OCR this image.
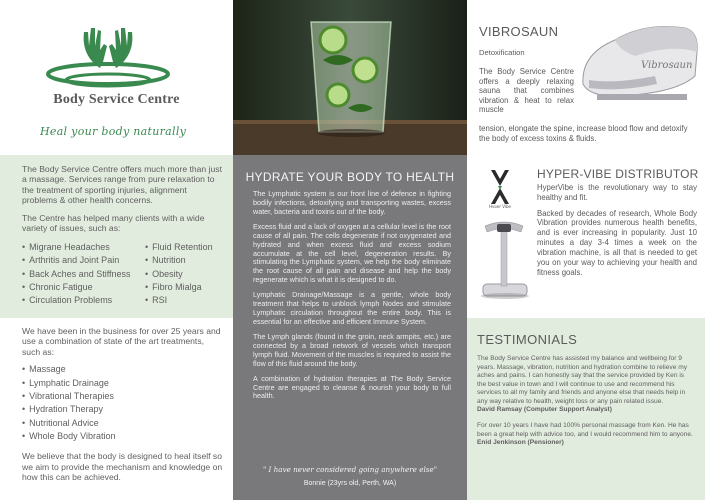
Body Service Centre
Heal your body naturally

The Body Service Centre offers much more than just a massage. Services range from pure relaxation to the treatment of sporting injuries, alignment problems & other health concerns.

The Centre has helped many clients with a wide variety of issues, such as:

• Migrane Headaches
• Arthritis and Joint Pain
• Back Aches and Stiffness
• Chronic Fatigue
• Circulation Problems
• Fluid Retention
• Nutrition
• Obesity
• Fibro Mialga
• RSI

We have been in the business for over 25 years and use a combination of state of the art treatments, such as:

• Massage
• Lymphatic Drainage
• Vibrational Therapies
• Hydration Therapy
• Nutritional Advice
• Whole Body Vibration

We believe that the body is designed to heal itself so we aim to provide the mechanism and knowledge on how this can be achieved.

HYDRATE YOUR BODY TO HEALTH

The Lymphatic system is our front line of defence in fighting bodily infections, detoxifying and transporting wastes, excess water, bacteria and toxins out of the body.

Excess fluid and a lack of oxygen at a cellular level is the root cause of all pain. The cells degenerate if not oxygenated and hydrated and when excess fluid and excess sodium accumulate at the cell level, degeneration results. By stimulating the Lymphatic system, we help the body eliminate the root cause of all pain and disease and help the body regenerate which is what it is designed to do.

Lymphatic Drainage/Massage is a gentle, whole body treatment that helps to unblock lymph Nodes and stimulate Lymphatic circulation throughout the entire body. This is essential for an effective and efficient Immune System.

The Lymph glands (found in the groin, neck armpits, etc.) are connected by a broad network of vessels which transport lymph fluid. Movement of the muscles is required to assist the flow of this fluid around the body.

A combination of hydration therapies at The Body Service Centre are engaged to cleanse & nourish your body to full health.

" I have never considered going anywhere else"
Bonnie (23yrs old, Perth, WA)
Vibrosaun
VIBROSAUN
Detoxification
The Body Service Centre offers a deeply relaxing sauna that combines vibration & heat to relax muscle
tension, elongate the spine, increase blood flow and detoxify the body of excess toxins & fluids.
Hyper Vibe
HYPER-VIBE DISTRIBUTOR

HyperVibe is the revolutionary way to stay healthy and fit.

Backed by decades of research, Whole Body Vibration provides numerous health benefits, and is ever increasing in popularity. Just 10 minutes a day 3-4 times a week on the vibration machine, is all that is needed to get you on your way to achieving your health and fitness goals.

TESTIMONIALS

The Body Service Centre has assisted my balance and wellbeing for 9 years. Massage, vibration, nutrition and hydration combine to relieve my aches and pains. I can honestly say that the service provided by Ken is the best value in town and I will continue to use and recommend his services to all my family and friends and anyone else that needs help in any way relative to health, weight loss or any pain related issue.

David Ramsay (Computer Support Analyst)

For over 10 years I have had 100% personal massage from Ken. He has been a great help with advice too, and I would recommend him to anyone.

Enid Jenkinson (Pensioner)
